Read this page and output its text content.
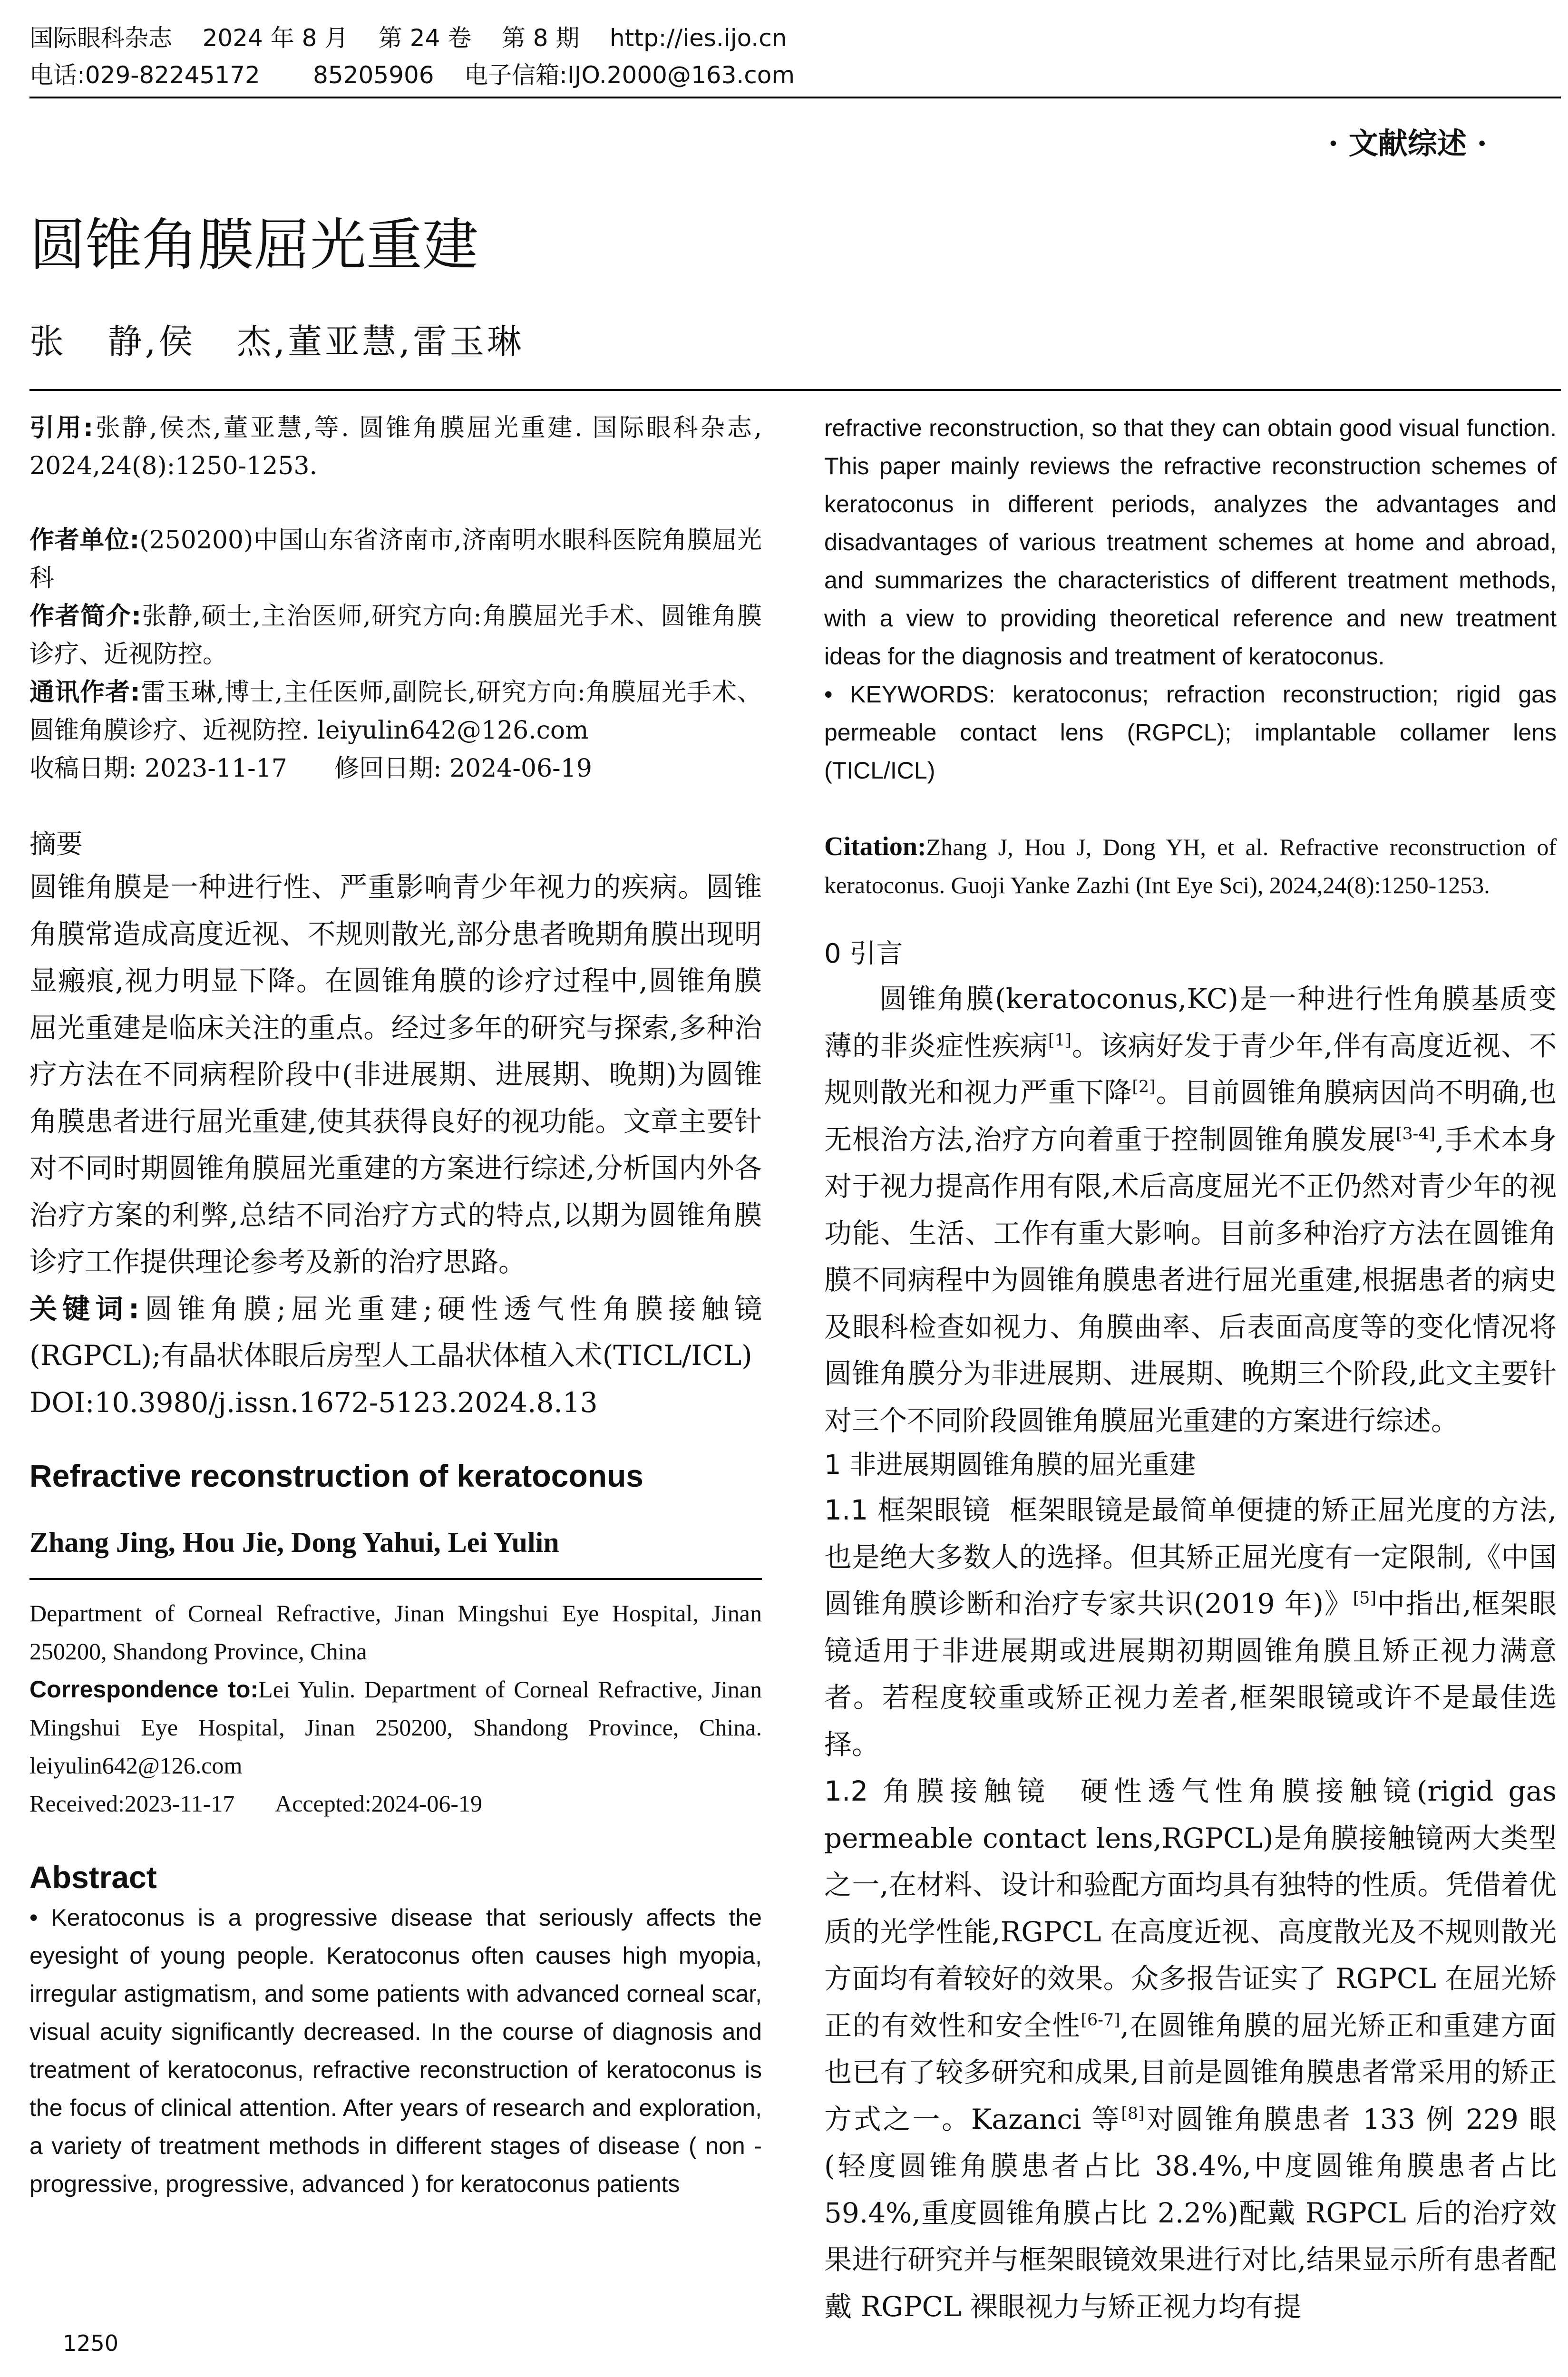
国际眼科杂志    2024 年 8 月    第 24 卷    第 8 期    http://ies.ijo.cn
电话:029-82245172       85205906    电子信箱:IJO.2000@163.com
· 文献综述 ·
圆锥角膜屈光重建
张   静,侯   杰,董亚慧,雷玉琳

引用:张静,侯杰,董亚慧,等. 圆锥角膜屈光重建. 国际眼科杂志, 2024,24(8):1250-1253.

作者单位:(250200)中国山东省济南市,济南明水眼科医院角膜屈光科

作者简介:张静,硕士,主治医师,研究方向:角膜屈光手术、圆锥角膜诊疗、近视防控。

通讯作者:雷玉琳,博士,主任医师,副院长,研究方向:角膜屈光手术、圆锥角膜诊疗、近视防控. leiyulin642@126.com

收稿日期: 2023-11-17      修回日期: 2024-06-19

摘要

圆锥角膜是一种进行性、严重影响青少年视力的疾病。圆锥角膜常造成高度近视、不规则散光,部分患者晚期角膜出现明显瘢痕,视力明显下降。在圆锥角膜的诊疗过程中,圆锥角膜屈光重建是临床关注的重点。经过多年的研究与探索,多种治疗方法在不同病程阶段中(非进展期、进展期、晚期)为圆锥角膜患者进行屈光重建,使其获得良好的视功能。文章主要针对不同时期圆锥角膜屈光重建的方案进行综述,分析国内外各治疗方案的利弊,总结不同治疗方式的特点,以期为圆锥角膜诊疗工作提供理论参考及新的治疗思路。

关键词:圆锥角膜;屈光重建;硬性透气性角膜接触镜(RGPCL);有晶状体眼后房型人工晶状体植入术(TICL/ICL)

DOI:10.3980/j.issn.1672-5123.2024.8.13

Refractive reconstruction of keratoconus

Zhang Jing, Hou Jie, Dong Yahui, Lei Yulin

Department of Corneal Refractive, Jinan Mingshui Eye Hospital, Jinan 250200, Shandong Province, China

Correspondence to:Lei Yulin. Department of Corneal Refractive, Jinan Mingshui Eye Hospital, Jinan 250200, Shandong Province, China. leiyulin642@126.com

Received:2023-11-17       Accepted:2024-06-19

Abstract

• Keratoconus is a progressive disease that seriously affects the eyesight of young people. Keratoconus often causes high myopia, irregular astigmatism, and some patients with advanced corneal scar, visual acuity significantly decreased. In the course of diagnosis and treatment of keratoconus, refractive reconstruction of keratoconus is the focus of clinical attention. After years of research and exploration, a variety of treatment methods in different stages of disease ( non - progressive, progressive, advanced ) for keratoconus patients

refractive reconstruction, so that they can obtain good visual function. This paper mainly reviews the refractive reconstruction schemes of keratoconus in different periods, analyzes the advantages and disadvantages of various treatment schemes at home and abroad, and summarizes the characteristics of different treatment methods, with a view to providing theoretical reference and new treatment ideas for the diagnosis and treatment of keratoconus.

• KEYWORDS: keratoconus; refraction reconstruction; rigid gas permeable contact lens (RGPCL); implantable collamer lens (TICL/ICL)

Citation:Zhang J, Hou J, Dong YH, et al. Refractive reconstruction of keratoconus. Guoji Yanke Zazhi (Int Eye Sci), 2024,24(8):1250-1253.

0 引言

圆锥角膜(keratoconus,KC)是一种进行性角膜基质变薄的非炎症性疾病[1]。该病好发于青少年,伴有高度近视、不规则散光和视力严重下降[2]。目前圆锥角膜病因尚不明确,也无根治方法,治疗方向着重于控制圆锥角膜发展[3-4],手术本身对于视力提高作用有限,术后高度屈光不正仍然对青少年的视功能、生活、工作有重大影响。目前多种治疗方法在圆锥角膜不同病程中为圆锥角膜患者进行屈光重建,根据患者的病史及眼科检查如视力、角膜曲率、后表面高度等的变化情况将圆锥角膜分为非进展期、进展期、晚期三个阶段,此文主要针对三个不同阶段圆锥角膜屈光重建的方案进行综述。

1 非进展期圆锥角膜的屈光重建

1.1 框架眼镜 框架眼镜是最简单便捷的矫正屈光度的方法,也是绝大多数人的选择。但其矫正屈光度有一定限制,《中国圆锥角膜诊断和治疗专家共识(2019 年)》[5]中指出,框架眼镜适用于非进展期或进展期初期圆锥角膜且矫正视力满意者。若程度较重或矫正视力差者,框架眼镜或许不是最佳选择。

1.2 角膜接触镜 硬性透气性角膜接触镜(rigid gas permeable contact lens,RGPCL)是角膜接触镜两大类型之一,在材料、设计和验配方面均具有独特的性质。凭借着优质的光学性能,RGPCL 在高度近视、高度散光及不规则散光方面均有着较好的效果。众多报告证实了 RGPCL 在屈光矫正的有效性和安全性[6-7],在圆锥角膜的屈光矫正和重建方面也已有了较多研究和成果,目前是圆锥角膜患者常采用的矫正方式之一。Kazanci 等[8]对圆锥角膜患者 133 例 229 眼(轻度圆锥角膜患者占比 38.4%,中度圆锥角膜患者占比 59.4%,重度圆锥角膜占比 2.2%)配戴 RGPCL 后的治疗效果进行研究并与框架眼镜效果进行对比,结果显示所有患者配戴 RGPCL 裸眼视力与矫正视力均有提

1250
